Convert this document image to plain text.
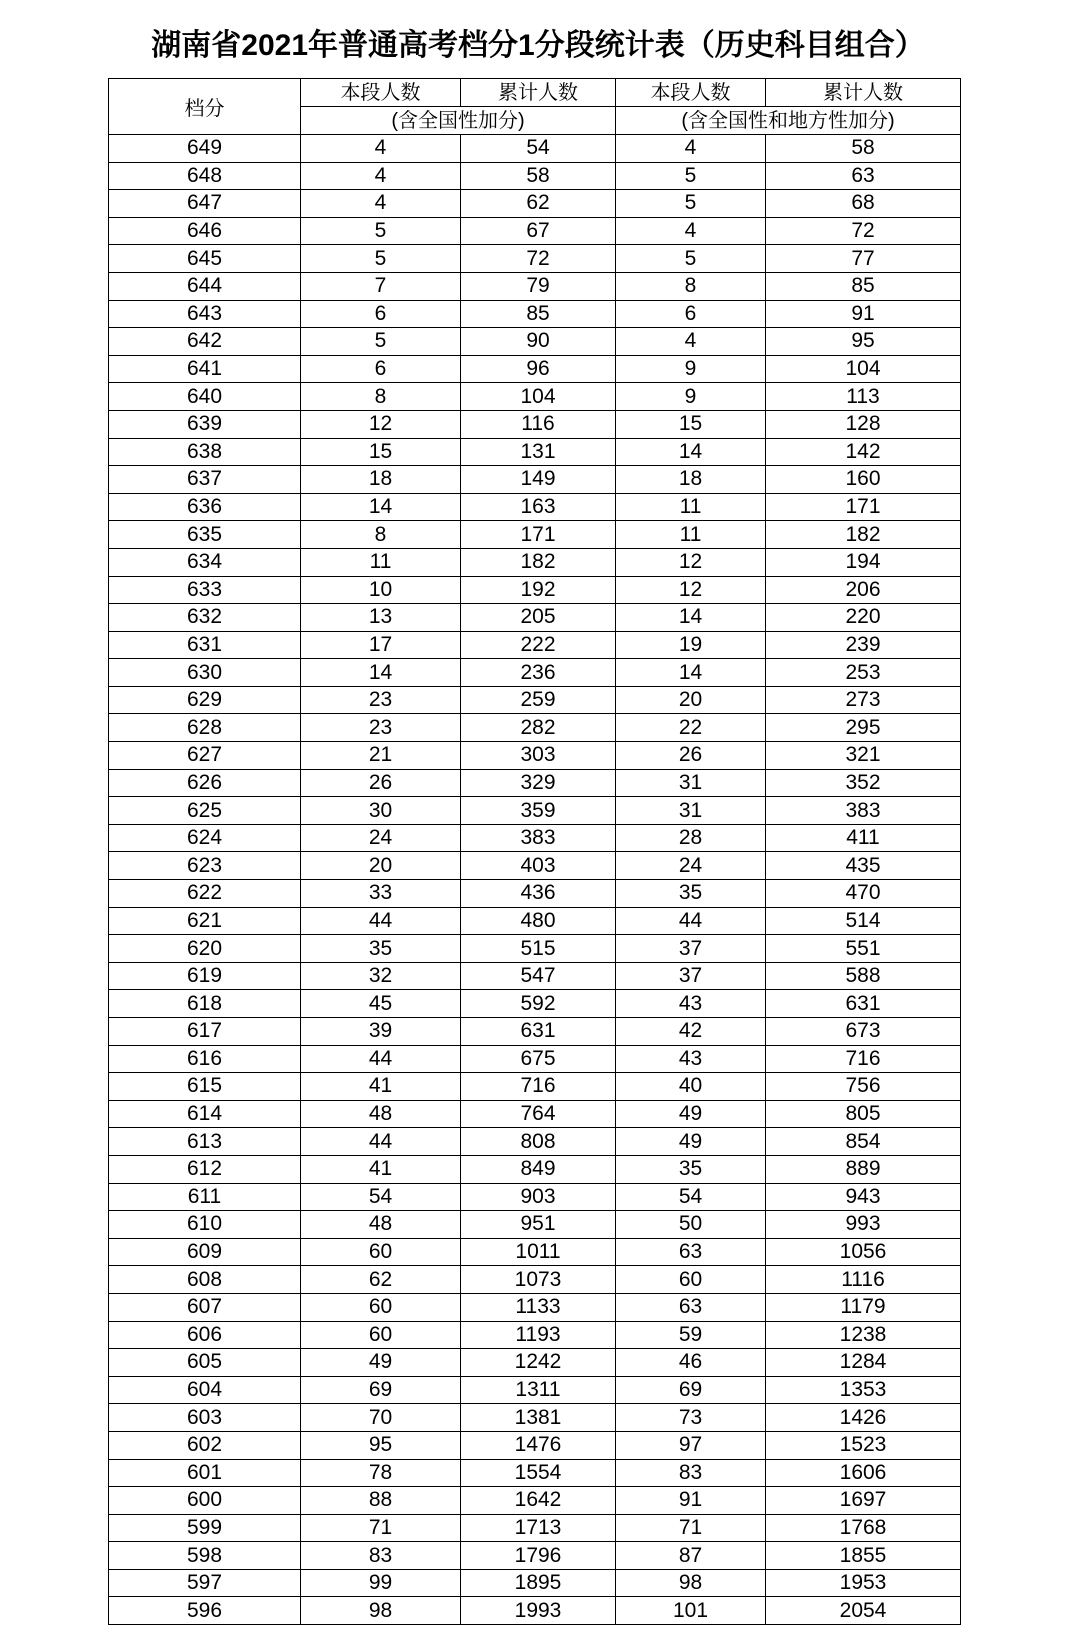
湖南省2021年普通高考档分1分段统计表（历史科目组合）
档分	本段人数	累计人数	本段人数	累计人数
	(含全国性加分)		(含全国性和地方性加分)	
649	4	54	4	58
648	4	58	5	63
647	4	62	5	68
646	5	67	4	72
645	5	72	5	77
644	7	79	8	85
643	6	85	6	91
642	5	90	4	95
641	6	96	9	104
640	8	104	9	113
639	12	116	15	128
638	15	131	14	142
637	18	149	18	160
636	14	163	11	171
635	8	171	11	182
634	11	182	12	194
633	10	192	12	206
632	13	205	14	220
631	17	222	19	239
630	14	236	14	253
629	23	259	20	273
628	23	282	22	295
627	21	303	26	321
626	26	329	31	352
625	30	359	31	383
624	24	383	28	411
623	20	403	24	435
622	33	436	35	470
621	44	480	44	514
620	35	515	37	551
619	32	547	37	588
618	45	592	43	631
617	39	631	42	673
616	44	675	43	716
615	41	716	40	756
614	48	764	49	805
613	44	808	49	854
612	41	849	35	889
611	54	903	54	943
610	48	951	50	993
609	60	1011	63	1056
608	62	1073	60	1116
607	60	1133	63	1179
606	60	1193	59	1238
605	49	1242	46	1284
604	69	1311	69	1353
603	70	1381	73	1426
602	95	1476	97	1523
601	78	1554	83	1606
600	88	1642	91	1697
599	71	1713	71	1768
598	83	1796	87	1855
597	99	1895	98	1953
596	98	1993	101	2054
